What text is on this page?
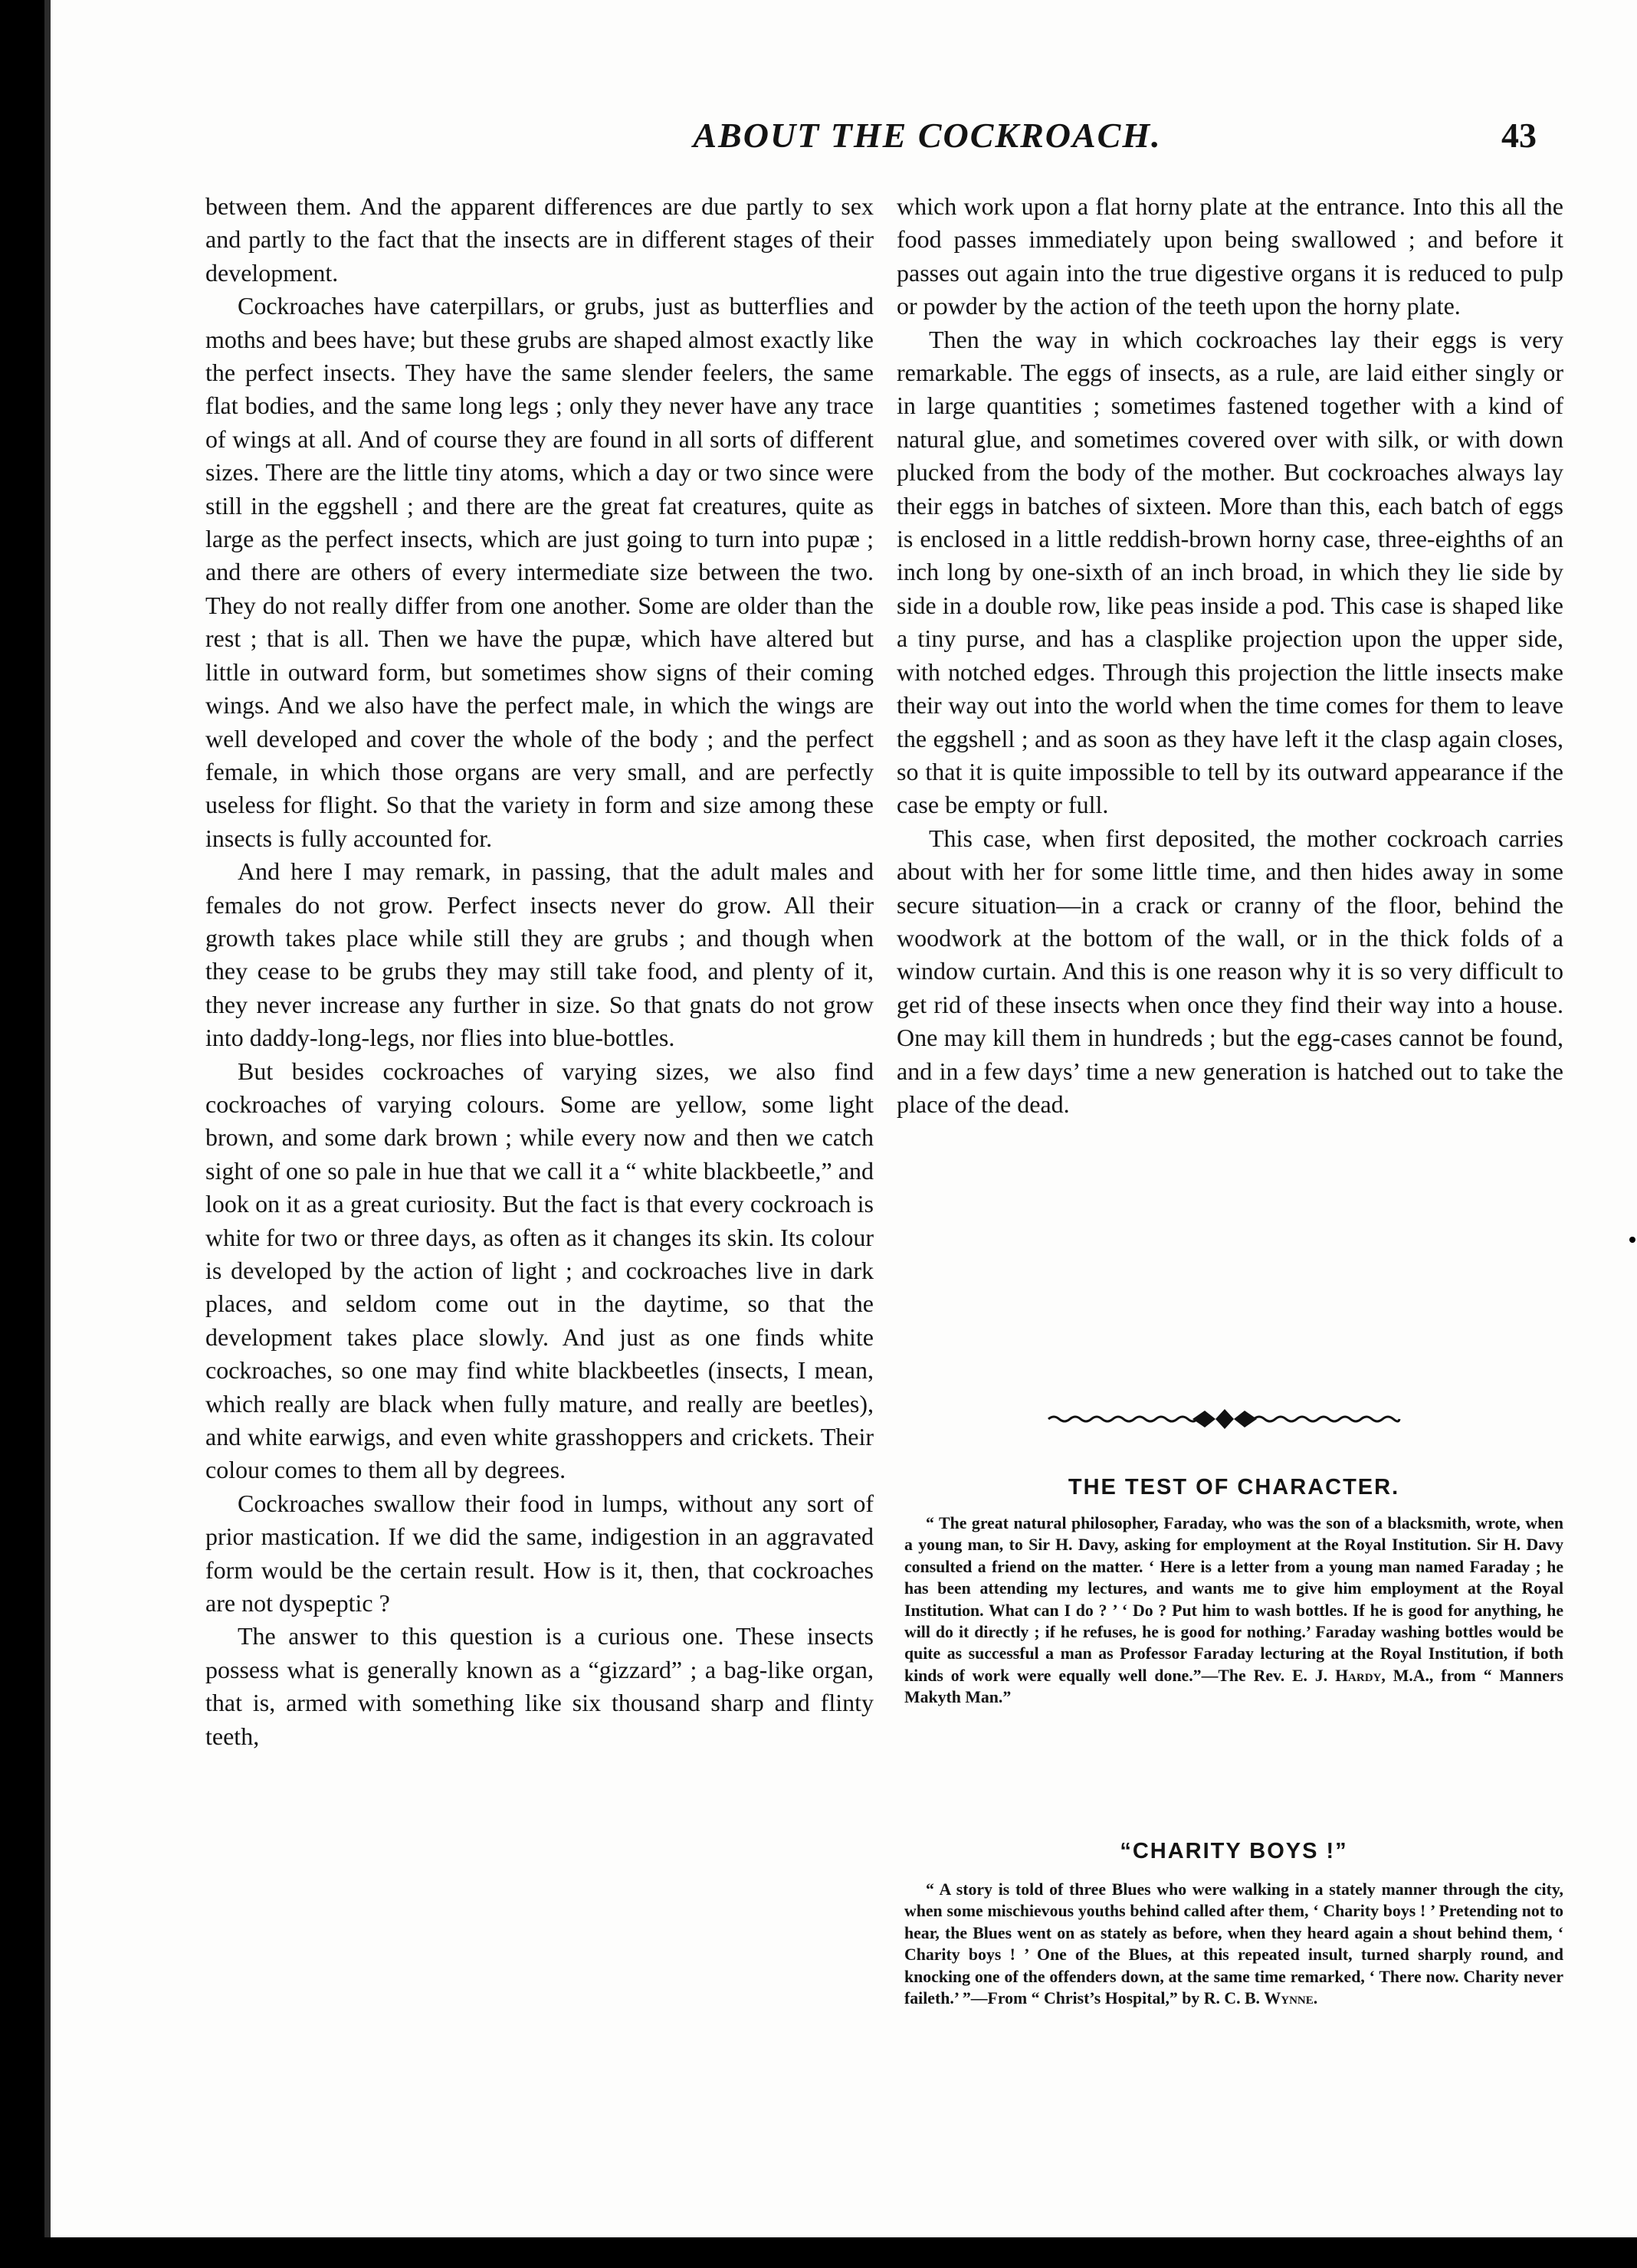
ABOUT THE COCKROACH.	43

between them. And the apparent differences are due partly to sex and partly to the fact that the insects are in different stages of their development.

Cockroaches have caterpillars, or grubs, just as butterflies and moths and bees have; but these grubs are shaped almost exactly like the perfect insects. They have the same slender feelers, the same flat bodies, and the same long legs ; only they never have any trace of wings at all. And of course they are found in all sorts of different sizes. There are the little tiny atoms, which a day or two since were still in the eggshell ; and there are the great fat creatures, quite as large as the perfect insects, which are just going to turn into pupæ ; and there are others of every intermediate size between the two. They do not really differ from one another. Some are older than the rest ; that is all. Then we have the pupæ, which have altered but little in outward form, but sometimes show signs of their coming wings. And we also have the perfect male, in which the wings are well developed and cover the whole of the body ; and the perfect female, in which those organs are very small, and are perfectly useless for flight. So that the variety in form and size among these insects is fully accounted for.

And here I may remark, in passing, that the adult males and females do not grow. Perfect insects never do grow. All their growth takes place while still they are grubs ; and though when they cease to be grubs they may still take food, and plenty of it, they never increase any further in size. So that gnats do not grow into daddy-long-legs, nor flies into blue-bottles.

But besides cockroaches of varying sizes, we also find cockroaches of varying colours. Some are yellow, some light brown, and some dark brown ; while every now and then we catch sight of one so pale in hue that we call it a “ white blackbeetle,” and look on it as a great curiosity. But the fact is that every cockroach is white for two or three days, as often as it changes its skin. Its colour is developed by the action of light ; and cockroaches live in dark places, and seldom come out in the daytime, so that the development takes place slowly. And just as one finds white cockroaches, so one may find white blackbeetles (insects, I mean, which really are black when fully mature, and really are beetles), and white earwigs, and even white grasshoppers and crickets. Their colour comes to them all by degrees.

Cockroaches swallow their food in lumps, without any sort of prior mastication. If we did the same, indigestion in an aggravated form would be the certain result. How is it, then, that cockroaches are not dyspeptic ?

The answer to this question is a curious one. These insects possess what is generally known as a “gizzard” ; a bag-like organ, that is, armed with something like six thousand sharp and flinty teeth,

which work upon a flat horny plate at the entrance. Into this all the food passes immediately upon being swallowed ; and before it passes out again into the true digestive organs it is reduced to pulp or powder by the action of the teeth upon the horny plate.

Then the way in which cockroaches lay their eggs is very remarkable. The eggs of insects, as a rule, are laid either singly or in large quantities ; sometimes fastened together with a kind of natural glue, and sometimes covered over with silk, or with down plucked from the body of the mother. But cockroaches always lay their eggs in batches of sixteen. More than this, each batch of eggs is enclosed in a little reddish-brown horny case, three-eighths of an inch long by one-sixth of an inch broad, in which they lie side by side in a double row, like peas inside a pod. This case is shaped like a tiny purse, and has a clasplike projection upon the upper side, with notched edges. Through this projection the little insects make their way out into the world when the time comes for them to leave the eggshell ; and as soon as they have left it the clasp again closes, so that it is quite impossible to tell by its outward appearance if the case be empty or full.

This case, when first deposited, the mother cockroach carries about with her for some little time, and then hides away in some secure situation—in a crack or cranny of the floor, behind the woodwork at the bottom of the wall, or in the thick folds of a window curtain. And this is one reason why it is so very difficult to get rid of these insects when once they find their way into a house. One may kill them in hundreds ; but the egg-cases cannot be found, and in a few days’ time a new generation is hatched out to take the place of the dead.

THE TEST OF CHARACTER.
“ The great natural philosopher, Faraday, who was the son of a blacksmith, wrote, when a young man, to Sir H. Davy, asking for employment at the Royal Institution. Sir H. Davy consulted a friend on the matter. ‘ Here is a letter from a young man named Faraday ; he has been attending my lectures, and wants me to give him employment at the Royal Institution. What can I do ? ’ ‘ Do ? Put him to wash bottles. If he is good for anything, he will do it directly ; if he refuses, he is good for nothing.’ Faraday washing bottles would be quite as successful a man as Professor Faraday lecturing at the Royal Institution, if both kinds of work were equally well done.”—The Rev. E. J. Hardy, M.A., from “ Manners Makyth Man.”
“CHARITY BOYS !”
“ A story is told of three Blues who were walking in a stately manner through the city, when some mischievous youths behind called after them, ‘ Charity boys ! ’ Pretending not to hear, the Blues went on as stately as before, when they heard again a shout behind them, ‘ Charity boys ! ’ One of the Blues, at this repeated insult, turned sharply round, and knocking one of the offenders down, at the same time remarked, ‘ There now. Charity never faileth.’ ”—From “ Christ’s Hospital,” by R. C. B. Wynne.
